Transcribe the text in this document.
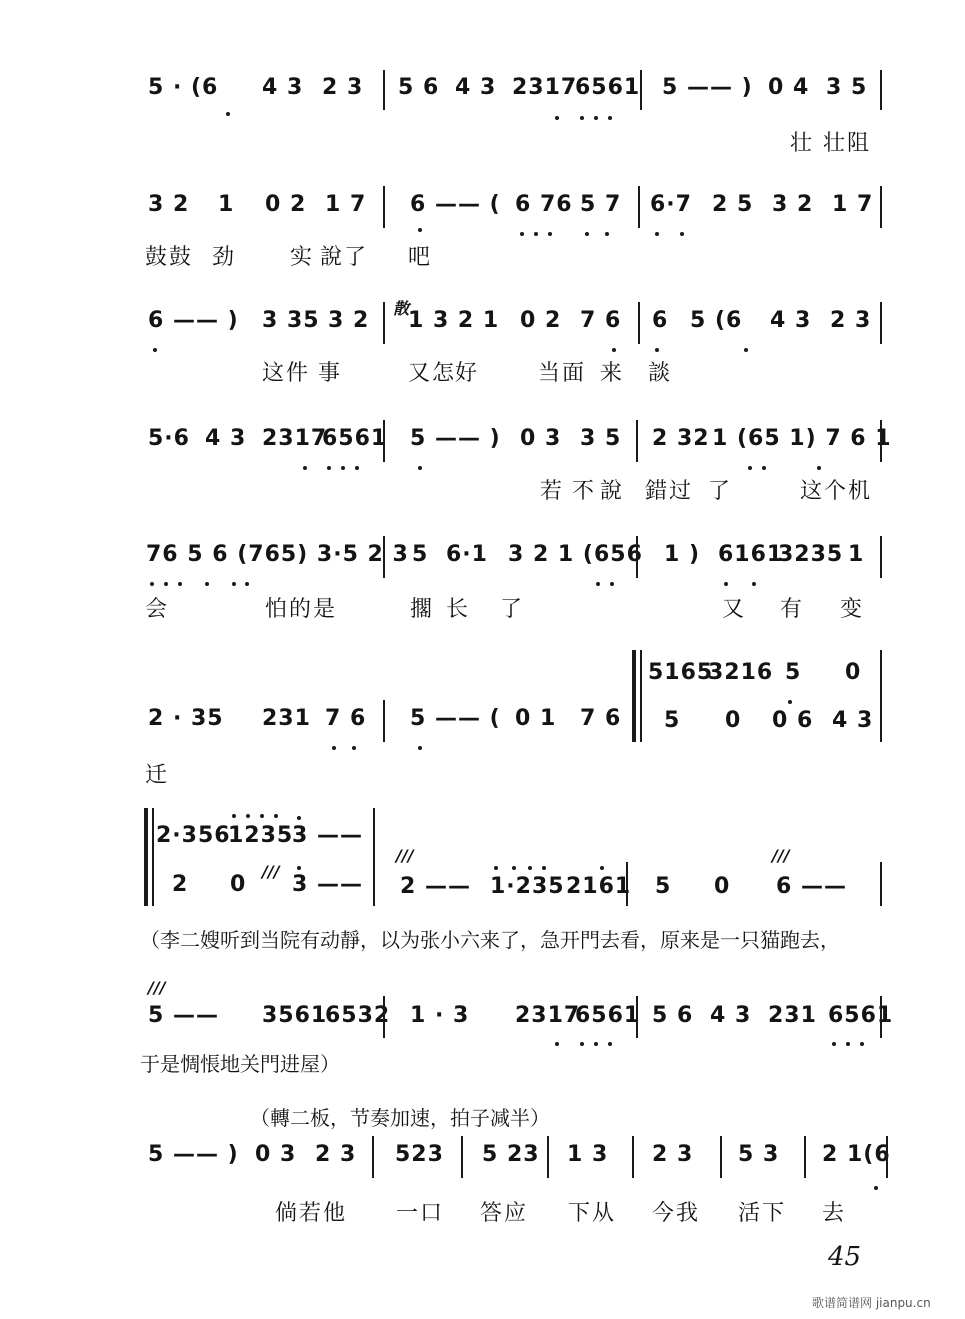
5 · (6 4 3 2 3 5 6 4 3 2317
6561 5 —— ) 0 4 3 5
壮 壮阻
3 2 1 0 2 1 7 6 —— ( 6 76 5 7 6·7 2 5 3 2 1 7
鼓鼓 劲 实 說了 吧
6 —— ) 3 35 3 2 散
1 3 2 1 0 2 7 6 6 5 (6 4 3 2 3
这件 事	又怎
好	当面 来 談
5·6 4 3 2317
6561 5 —— ) 0 3 3 5 2 32 1 (65 1) 7 6 1
若 不 說 錯过 了	这个机
76 5 6 (765) 3·5 2 3 5 6·1 3 2 1 (656 1 ) 6161
3235 1
会	怕的是	擱 长 了	又 有 变
2 · 35 231 7 6 5 —— ( 0 1 7 6
5165
3216 5 0
5 0 0 6 4 3
迁
2·356
1235
3 ——
2 0
///
3 ——
///
2 —— 1·235 2161 5 0
///
6 ——
（李二嫂听到当院有动靜，以为张小六来了，急开門去看，原来是一只猫跑去，
///
5 —— 3561
6532 1 · 3 2317
6561 5 6 4 3 231 6561
于是惆悵地关門进屋）
（轉二板，节奏加速，拍子减半）
5 —— ) 0 3 2 3 523 5 23 1 3 2 3 5 3 2 1(6
倘若他 一口 答应 下从 今我 活下 去
45
歌谱简谱网 jianpu.cn
